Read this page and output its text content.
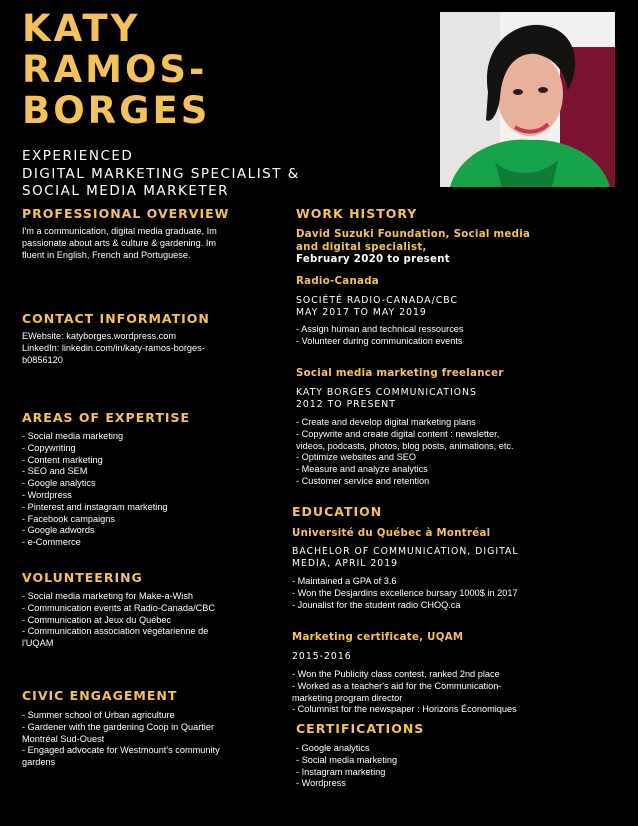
KATY
RAMOS-
BORGES
EXPERIENCED
DIGITAL MARKETING SPECIALIST &
SOCIAL MEDIA MARKETER
PROFESSIONAL OVERVIEW
I'm a communication, digital media graduate, Im
passionate about arts & culture & gardening. Im
fluent in English, French and Portuguese.
CONTACT INFORMATION
EWebsite: katyborges.wordpress.com
LinkedIn: linkedin.com/in/katy-ramos-borges-
b0856120
AREAS OF EXPERTISE
- Social media marketing
- Copywriting
- Content marketing
- SEO and SEM
- Google analytics
- Wordpress
- Pinterest and instagram marketing
- Facebook campaigns
- Google adwords
- e-Commerce
VOLUNTEERING
- Social media marketing for Make-a-Wish
- Communication events at Radio-Canada/CBC
- Communication at Jeux du Québec
- Communication association végétarienne de
l'UQAM
CIVIC ENGAGEMENT
- Summer school of Urban agriculture
- Gardener with the gardening Coop in Quartier
Montréal Sud-Ouest
- Engaged advocate for Westmount's community
gardens
WORK HISTORY
David Suzuki Foundation, Social media
and digital specialist,
February 2020 to present
Radio-Canada
SOCIÉTÉ RADIO-CANADA/CBC
MAY 2017 TO MAY 2019
- Assign human and technical ressources
- Volunteer during communication events
Social media marketing freelancer
KATY BORGES COMMUNICATIONS
2012 TO PRESENT
- Create and develop digital marketing plans
- Copywrite and create digital content : newsletter,
videos, podcasts, photos, blog posts, animations, etc.
- Optimize websites and SEO
- Measure and analyze analytics
- Customer service and retention
EDUCATION
Université du Québec à Montréal
BACHELOR OF COMMUNICATION, DIGITAL
MEDIA, APRIL 2019
- Maintained a GPA of 3.6
- Won the Desjardins excellence bursary 1000$ in 2017
- Jounalist for the student radio CHOQ.ca
Marketing certificate, UQAM
2015-2016
- Won the Publicity class contest, ranked 2nd place
- Worked as a teacher's aid for the Communication-
marketing program director
- Columnist for the newspaper : Horizons Économiques
CERTIFICATIONS
- Google analytics
- Social media marketing
- Instagram marketing
- Wordpress
